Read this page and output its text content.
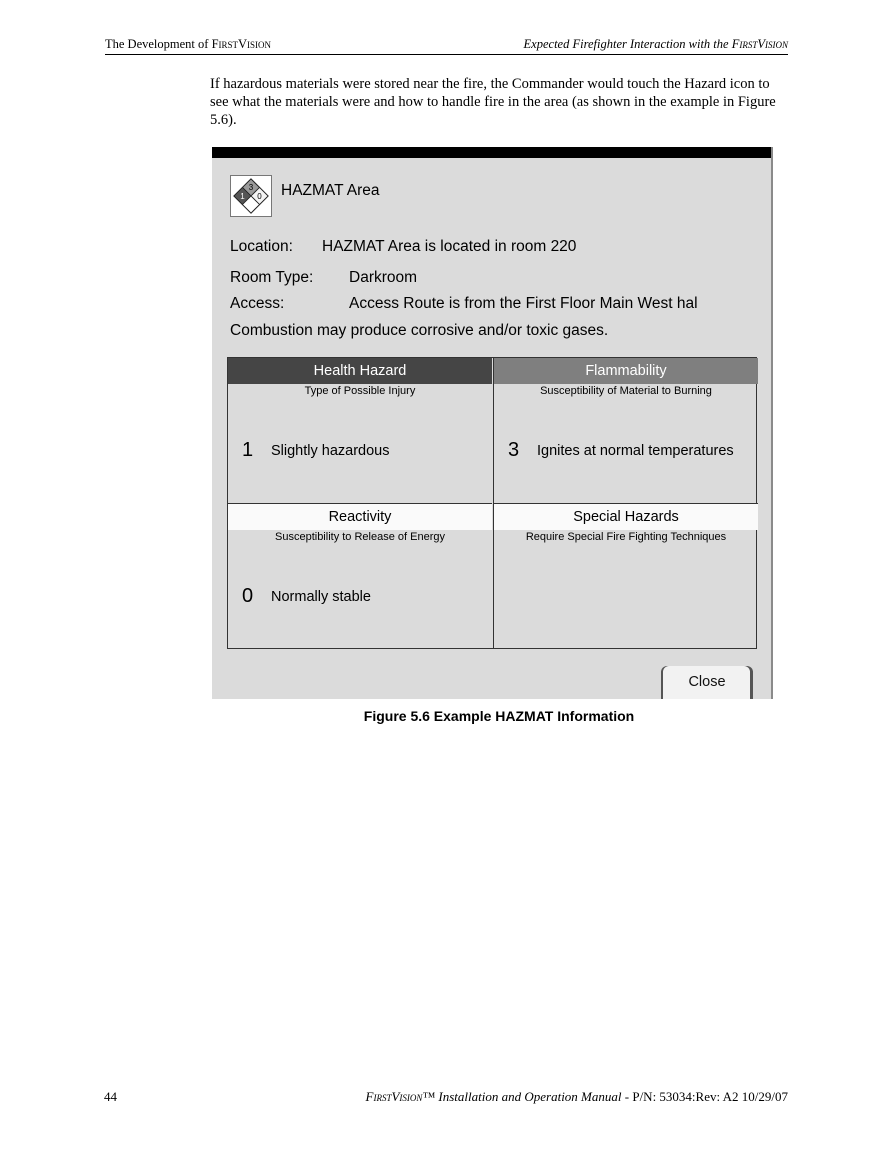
The Development of FirstVision	Expected Firefighter Interaction with the FirstVision

If hazardous materials were stored near the fire, the Commander would touch the Hazard icon to see what the materials were and how to handle fire in the area (as shown in the example in Figure 5.6).

3
1 0 HAZMAT Area
Location: HAZMAT Area is located in room 220
Room Type: Darkroom
Access:	Access Route is from the First Floor Main West hal
Combustion may produce corrosive and/or toxic gases.
Health Hazard
Type of Possible Injury
1 Slightly hazardous
Flammability
Susceptibility of Material to Burning
3 Ignites at normal temperatures
Reactivity
Susceptibility to Release of Energy
0 Normally stable
Special Hazards
Require Special Fire Fighting Techniques
Close
Figure 5.6 Example HAZMAT Information
44	FirstVision™ Installation and Operation Manual - P/N: 53034:Rev: A2 10/29/07
